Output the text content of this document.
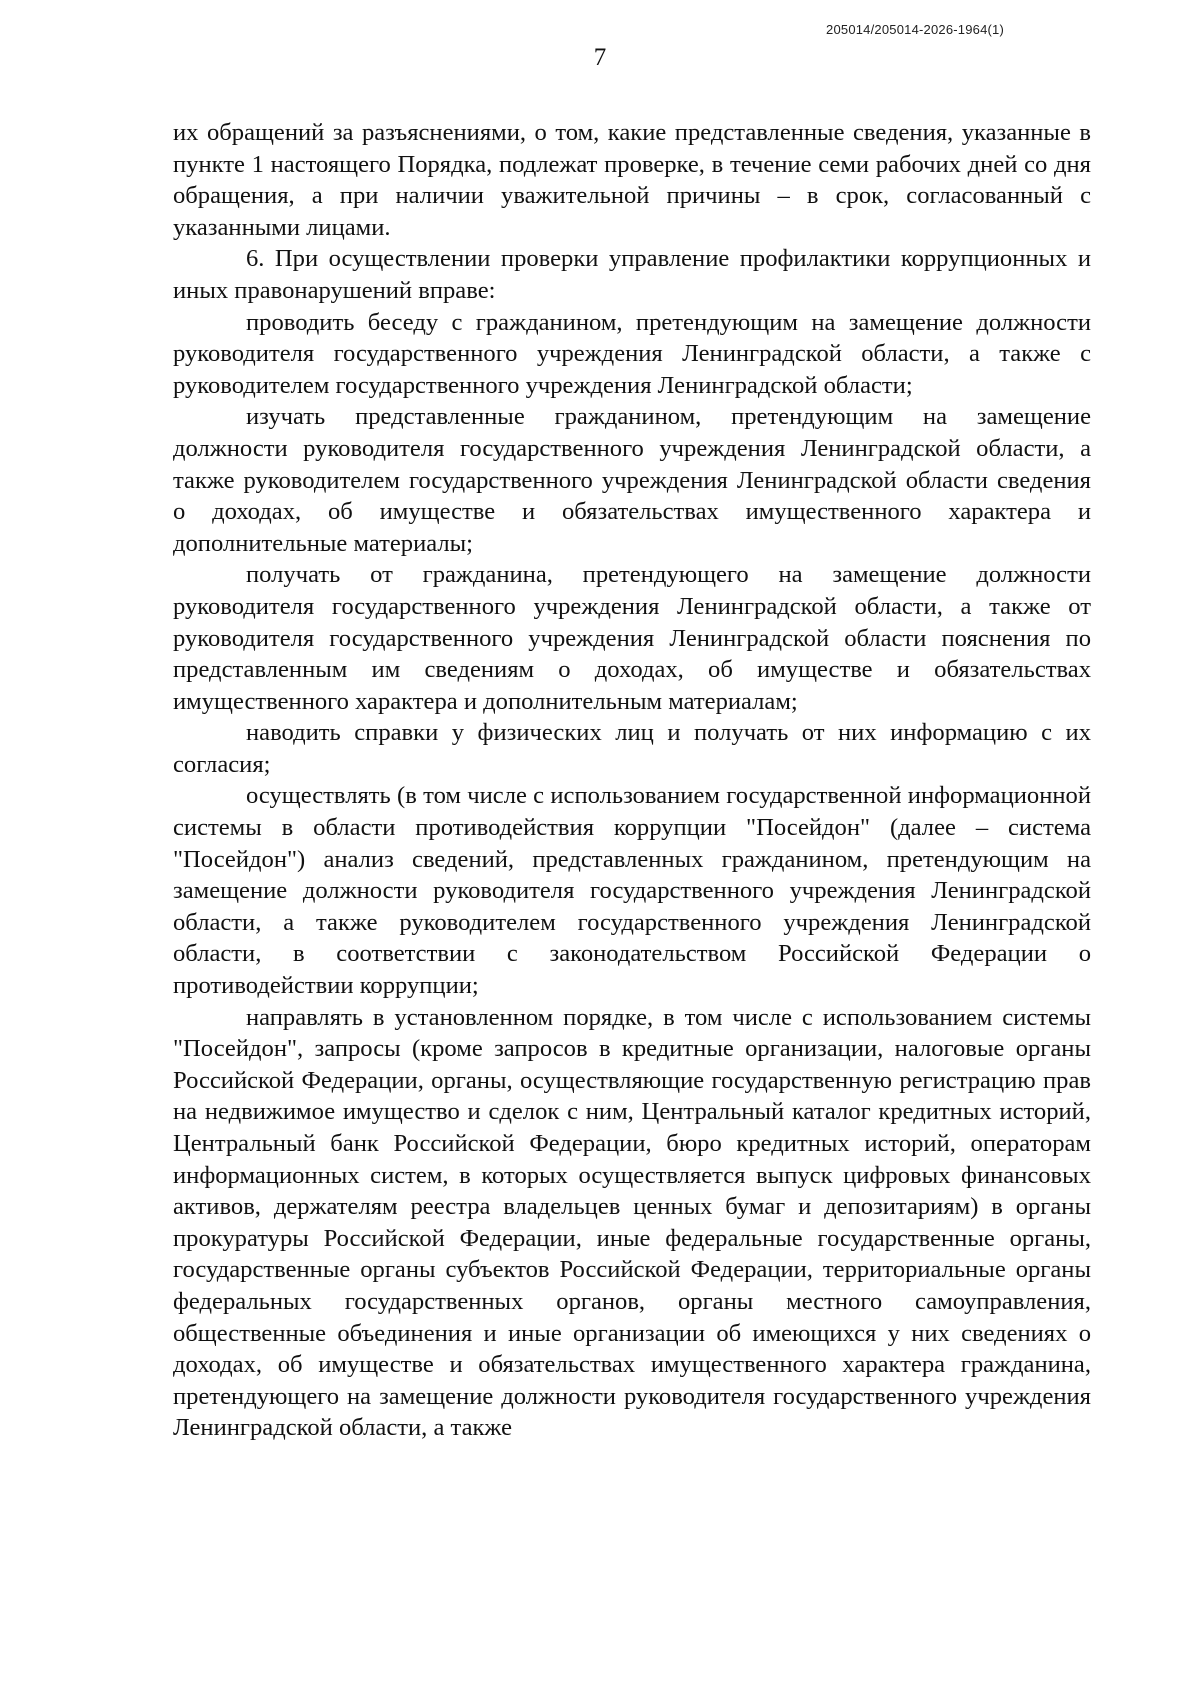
205014/205014-2026-1964(1)
7

их обращений за разъяснениями, о том, какие представленные сведения, указанные в пункте 1 настоящего Порядка, подлежат проверке, в течение семи рабочих дней со дня обращения, а при наличии уважительной причины – в срок, согласованный с указанными лицами.

6. При осуществлении проверки управление профилактики коррупционных и иных правонарушений вправе:

проводить беседу с гражданином, претендующим на замещение должности руководителя государственного учреждения Ленинградской области, а также с руководителем государственного учреждения Ленинградской области;

изучать представленные гражданином, претендующим на замещение должности руководителя государственного учреждения Ленинградской области, а также руководителем государственного учреждения Ленинградской области сведения о доходах, об имуществе и обязательствах имущественного характера и дополнительные материалы;

получать от гражданина, претендующего на замещение должности руководителя государственного учреждения Ленинградской области, а также от руководителя государственного учреждения Ленинградской области пояснения по представленным им сведениям о доходах, об имуществе и обязательствах имущественного характера и дополнительным материалам;

наводить справки у физических лиц и получать от них информацию с их согласия;

осуществлять (в том числе с использованием государственной информационной системы в области противодействия коррупции "Посейдон" (далее – система "Посейдон") анализ сведений, представленных гражданином, претендующим на замещение должности руководителя государственного учреждения Ленинградской области, а также руководителем государственного учреждения Ленинградской области, в соответствии с законодательством Российской Федерации о противодействии коррупции;

направлять в установленном порядке, в том числе с использованием системы "Посейдон", запросы (кроме запросов в кредитные организации, налоговые органы Российской Федерации, органы, осуществляющие государственную регистрацию прав на недвижимое имущество и сделок с ним, Центральный каталог кредитных историй, Центральный банк Российской Федерации, бюро кредитных историй, операторам информационных систем, в которых осуществляется выпуск цифровых финансовых активов, держателям реестра владельцев ценных бумаг и депозитариям) в органы прокуратуры Российской Федерации, иные федеральные государственные органы, государственные органы субъектов Российской Федерации, территориальные органы федеральных государственных органов, органы местного самоуправления, общественные объединения и иные организации об имеющихся у них сведениях о доходах, об имуществе и обязательствах имущественного характера гражданина, претендующего на замещение должности руководителя государственного учреждения Ленинградской области, а также
